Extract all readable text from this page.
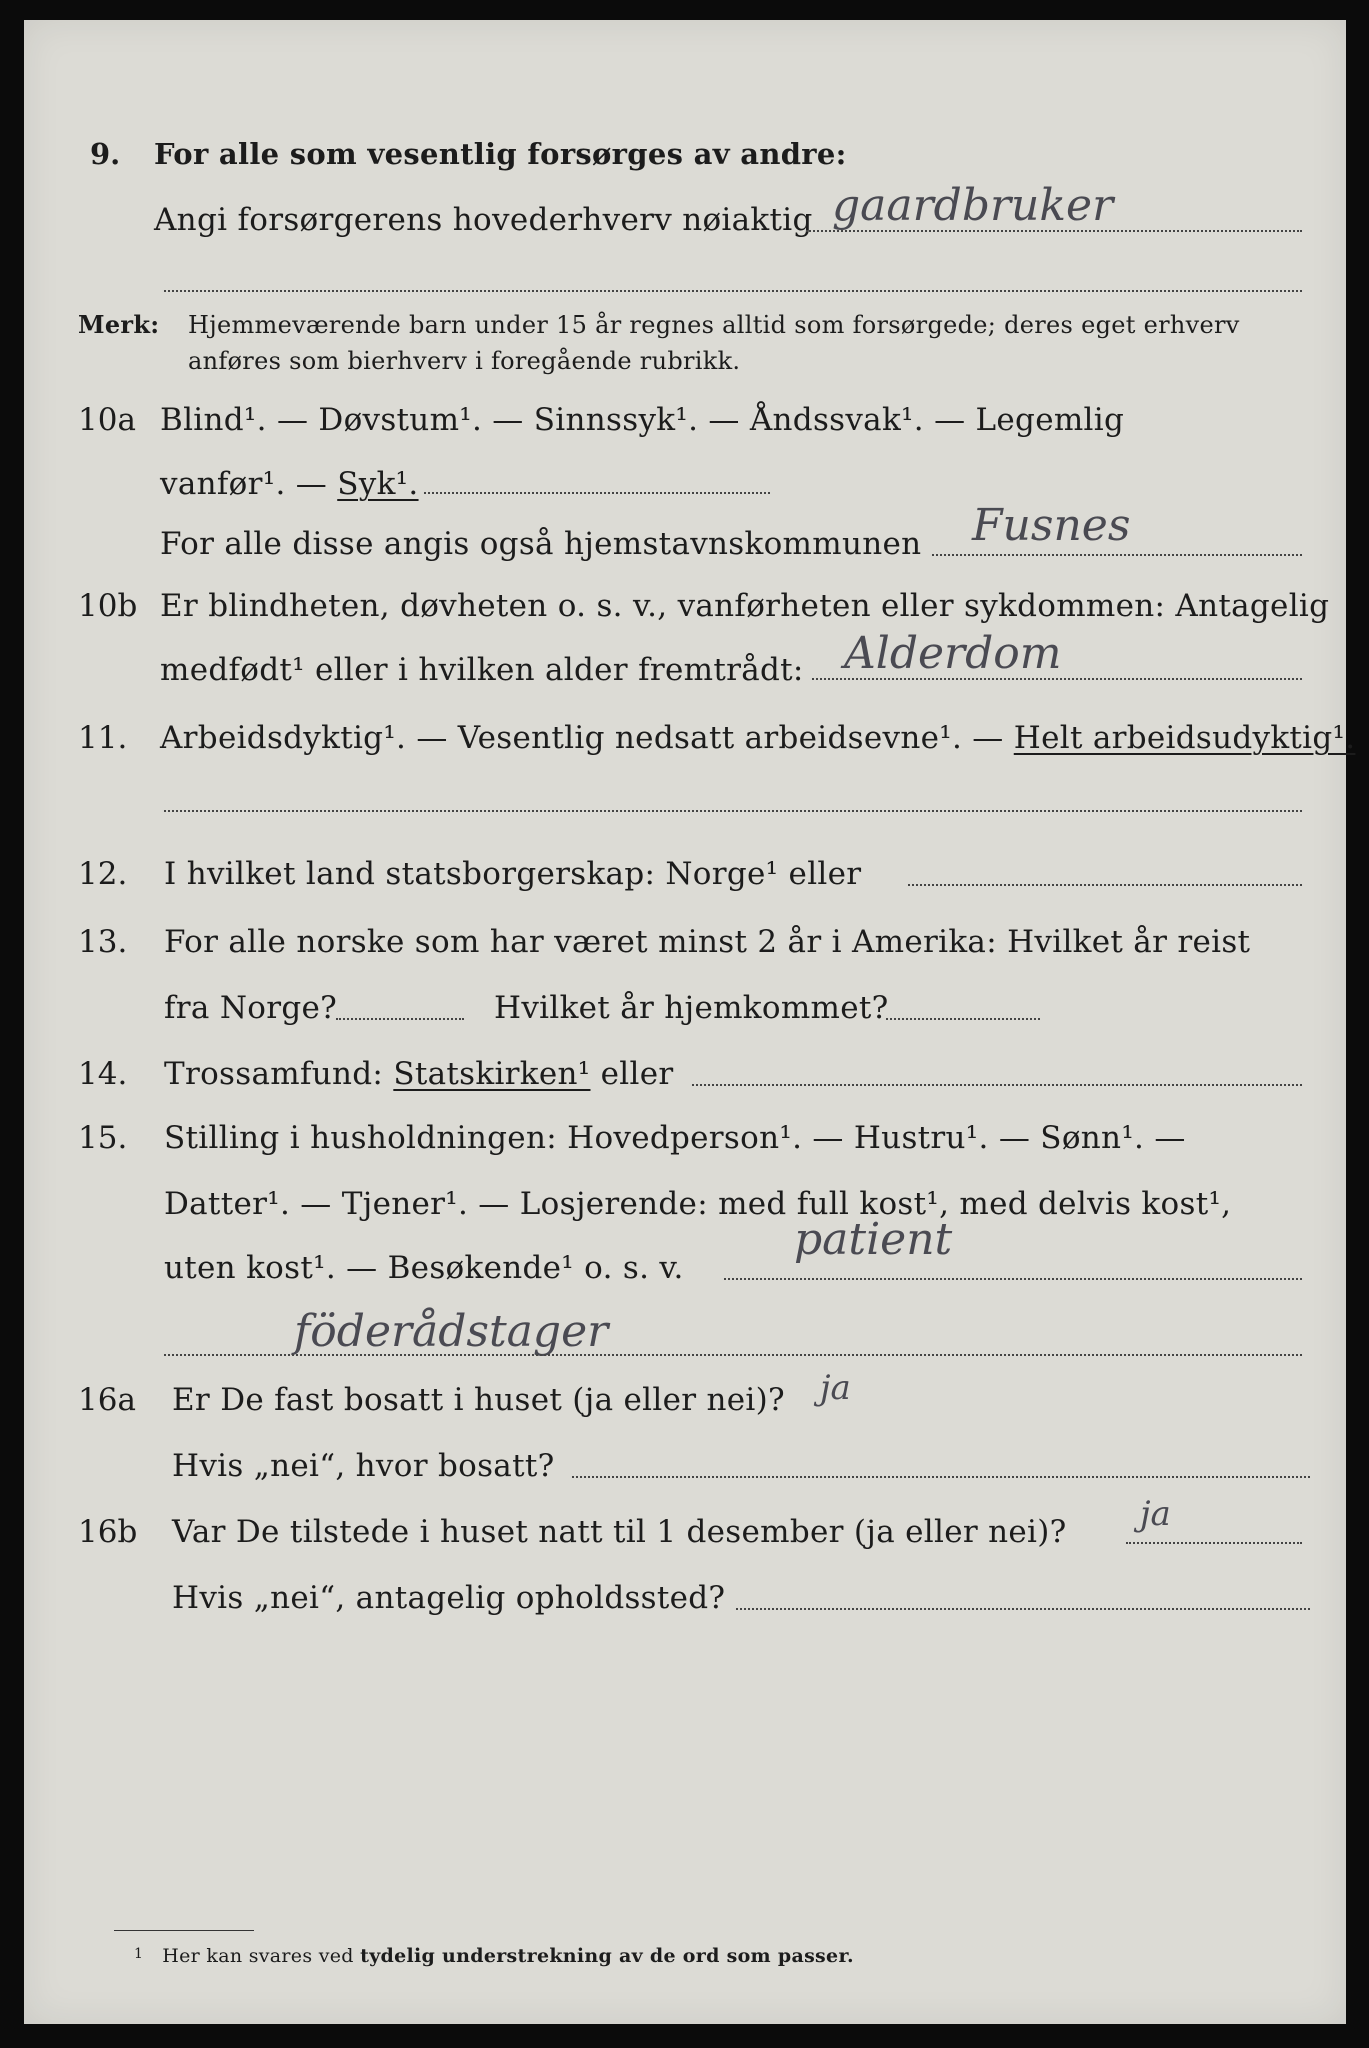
9. For alle som vesentlig forsørges av andre:
Angi forsørgerens hovederhverv nøiaktig gaardbruker
Merk: Hjemmeværende barn under 15 år regnes alltid som forsørgede; deres eget erhverv
anføres som bierhverv i foregående rubrikk.
10a Blind¹. — Døvstum¹. — Sinnssyk¹. — Åndssvak¹. — Legemlig
vanfør¹. — Syk¹.
For alle disse angis også hjemstavnskommunen Fusnes
10b Er blindheten, døvheten o. s. v., vanførheten eller sykdommen: Antagelig
medfødt¹ eller i hvilken alder fremtrådt: Alderdom
11. Arbeidsdyktig¹. — Vesentlig nedsatt arbeidsevne¹. — Helt arbeidsudyktig¹.
12. I hvilket land statsborgerskap: Norge¹ eller
13. For alle norske som har været minst 2 år i Amerika: Hvilket år reist
fra Norge?	Hvilket år hjemkommet?
14. Trossamfund: Statskirken¹ eller
15. Stilling i husholdningen: Hovedperson¹. — Hustru¹. — Sønn¹. —
Datter¹. — Tjener¹. — Losjerende: med full kost¹, med delvis kost¹,
uten kost¹. — Besøkende¹ o. s. v.
patient
föderådstager
16a Er De fast bosatt i huset (ja eller nei)? ja
Hvis „nei“, hvor bosatt?
16b Var De tilstede i huset natt til 1 desember (ja eller nei)? ja
Hvis „nei“, antagelig opholdssted?
$^1$ Her kan svares ved tydelig understrekning av de ord som passer.
